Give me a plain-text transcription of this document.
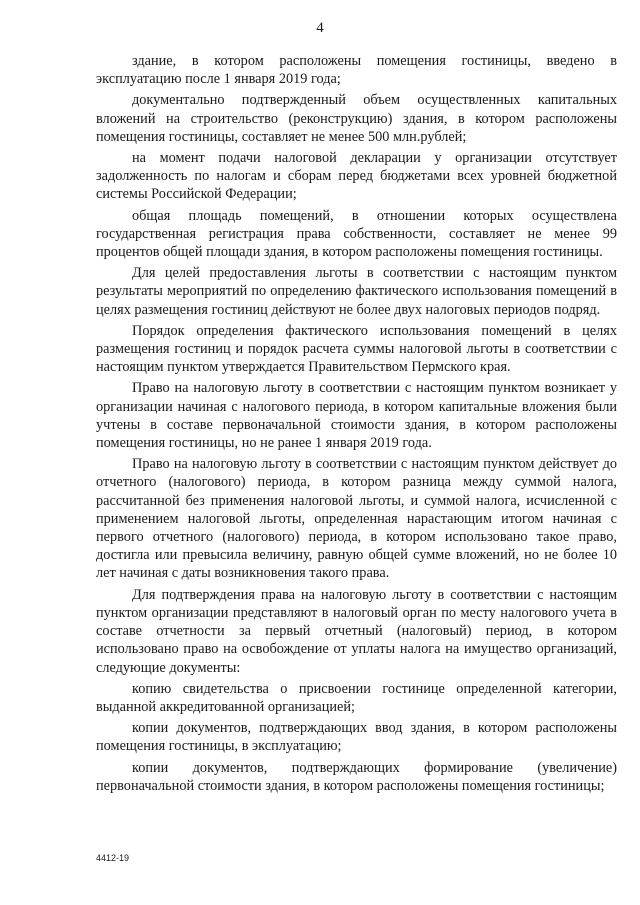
4

здание, в котором расположены помещения гостиницы, введено в эксплуатацию после 1 января 2019 года;

документально подтвержденный объем осуществленных капитальных вложений на строительство (реконструкцию) здания, в котором расположены помещения гостиницы, составляет не менее 500 млн.рублей;

на момент подачи налоговой декларации у организации отсутствует задолженность по налогам и сборам перед бюджетами всех уровней бюджетной системы Российской Федерации;

общая площадь помещений, в отношении которых осуществлена государственная регистрация права собственности, составляет не менее 99 процентов общей площади здания, в котором расположены помещения гостиницы.

Для целей предоставления льготы в соответствии с настоящим пунктом результаты мероприятий по определению фактического использования помещений в целях размещения гостиниц действуют не более двух налоговых периодов подряд.

Порядок определения фактического использования помещений в целях размещения гостиниц и порядок расчета суммы налоговой льготы в соответствии с настоящим пунктом утверждается Правительством Пермского края.

Право на налоговую льготу в соответствии с настоящим пунктом возникает у организации начиная с налогового периода, в котором капитальные вложения были учтены в составе первоначальной стоимости здания, в котором расположены помещения гостиницы, но не ранее 1 января 2019 года.

Право на налоговую льготу в соответствии с настоящим пунктом действует до отчетного (налогового) периода, в котором разница между суммой налога, рассчитанной без применения налоговой льготы, и суммой налога, исчисленной с применением налоговой льготы, определенная нарастающим итогом начиная с первого отчетного (налогового) периода, в котором использовано такое право, достигла или превысила величину, равную общей сумме вложений, но не более 10 лет начиная с даты возникновения такого права.

Для подтверждения права на налоговую льготу в соответствии с настоящим пунктом организации представляют в налоговый орган по месту налогового учета в составе отчетности за первый отчетный (налоговый) период, в котором использовано право на освобождение от уплаты налога на имущество организаций, следующие документы:

копию свидетельства о присвоении гостинице определенной категории, выданной аккредитованной организацией;

копии документов, подтверждающих ввод здания, в котором расположены помещения гостиницы, в эксплуатацию;

копии документов, подтверждающих формирование (увеличение) первоначальной стоимости здания, в котором расположены помещения гостиницы;

4412-19
